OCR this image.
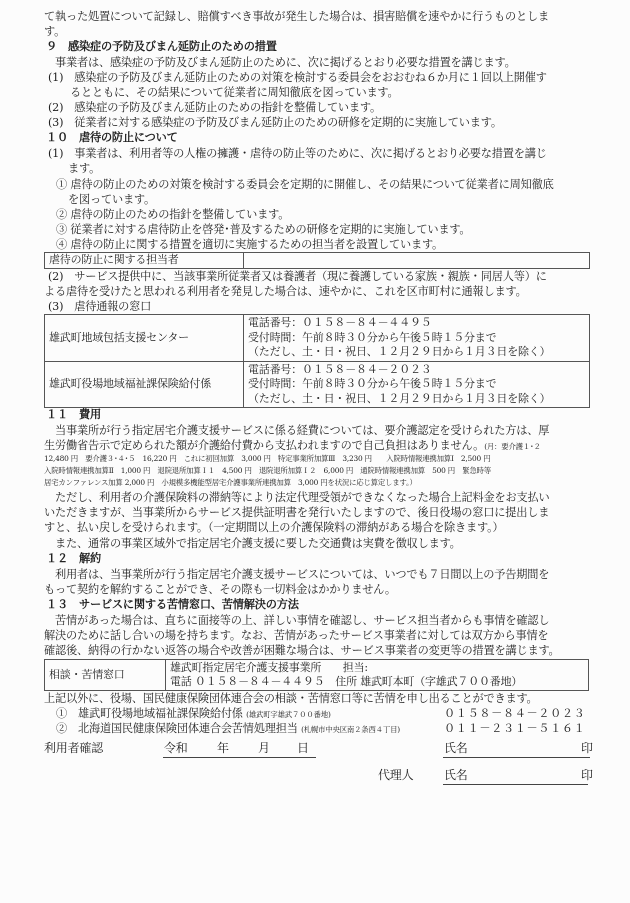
て執った処置について記録し、賠償すべき事故が発生した場合は、損害賠償を速やかに行うものとしま
す。
９　感染症の予防及びまん延防止のための措置
事業者は、感染症の予防及びまん延防止のために、次に掲げるとおり必要な措置を講じます。
(1)　感染症の予防及びまん延防止のための対策を検討する委員会をおおむね６か月に１回以上開催す
るとともに、その結果について従業者に周知徹底を図っています。
(2)　感染症の予防及びまん延防止のための指針を整備しています。
(3)　従業者に対する感染症の予防及びまん延防止のための研修を定期的に実施しています。
１０　虐待の防止について
(1)　事業者は、利用者等の人権の擁護・虐待の防止等のために、次に掲げるとおり必要な措置を講じ
ます。
① 虐待の防止のための対策を検討する委員会を定期的に開催し、その結果について従業者に周知徹底
を図っています。
② 虐待の防止のための指針を整備しています。
③ 従業者に対する虐待防止を啓発･普及するための研修を定期的に実施しています。
④ 虐待の防止に関する措置を適切に実施するための担当者を設置しています。
虐待の防止に関する担当者	
(2)　サービス提供中に、当該事業所従業者又は養護者（現に養護している家族・親族・同居人等）に
よる虐待を受けたと思われる利用者を発見した場合は、速やかに、これを区市町村に通報します。
(3)　虐待通報の窓口
雄武町地域包括支援センター	電話番号：０１５８－８４－４４９５
受付時間：午前８時３０分から午後５時１５分まで
（ただし、土・日・祝日、１２月２９日から１月３日を除く）

雄武町役場地域福祉課保険給付係	電話番号：０１５８－８４－２０２３
受付時間：午前８時３０分から午後５時１５分まで
（ただし、土・日・祝日、１２月２９日から１月３日を除く）
１１　費用
当事業所が行う指定居宅介護支援サービスに係る経費については、要介護認定を受けられた方は、厚
生労働省告示で定められた額が介護給付費から支払われますので自己負担はありません。(月：要介護１･２
12,480 円　要介護３･４･５　16,220 円　これに初回加算　3,000 円　特定事業所加算Ⅲ　3,230 円　　入院時情報連携加算Ⅰ　2,500 円
入院時情報連携加算Ⅱ　1,000 円　退院退所加算Ｉ１　4,500 円　退院退所加算Ｉ２　6,000 円　通院時情報連携加算　500 円　緊急時等
居宅カンファレンス加算 2,000 円　小規模多機能型居宅介護事業所連携加算　3,000 円を状況に応じ算定します。）
ただし、利用者の介護保険料の滞納等により法定代理受領ができなくなった場合上記料金をお支払い
いただきますが、当事業所からサービス提供証明書を発行いたしますので、後日役場の窓口に提出しま
すと、払い戻しを受けられます。（一定期間以上の介護保険料の滞納がある場合を除きます。）
また、通常の事業区域外で指定居宅介護支援に要した交通費は実費を徴収します。
１２　解約
利用者は、当事業所が行う指定居宅介護支援サービスについては、いつでも７日間以上の予告期間を
もって契約を解約することができ、その際も一切料金はかかりません。
１３　サービスに関する苦情窓口、苦情解決の方法
苦情があった場合は、直ちに面接等の上、詳しい事情を確認し、サービス担当者からも事情を確認し
解決のために話し合いの場を持ちます。なお、苦情があったサービス事業者に対しては双方から事情を
確認後、納得の行かない返答の場合や改善が困難な場合は、サービス事業者の変更等の措置を講じます。
相談・苦情窓口	
雄武町指定居宅介護支援事業所　　担当:
電話 ０１５８－８４－４４９５　住所 雄武町本町（字雄武７００番地）
上記以外に、役場、国民健康保険団体連合会の相談・苦情窓口等に苦情を申し出ることができます。
①　雄武町役場地域福祉課保険給付係 (雄武町字雄武７００番地)	０１５８－８４－２０２３
②　北海道国民健康保険団体連合会苦情処理担当 (札幌市中央区南２条西４丁目)	０１１－２３１－５１６１
利用者確認	令和 年 月 日	氏名	印
代理人	氏名	印
